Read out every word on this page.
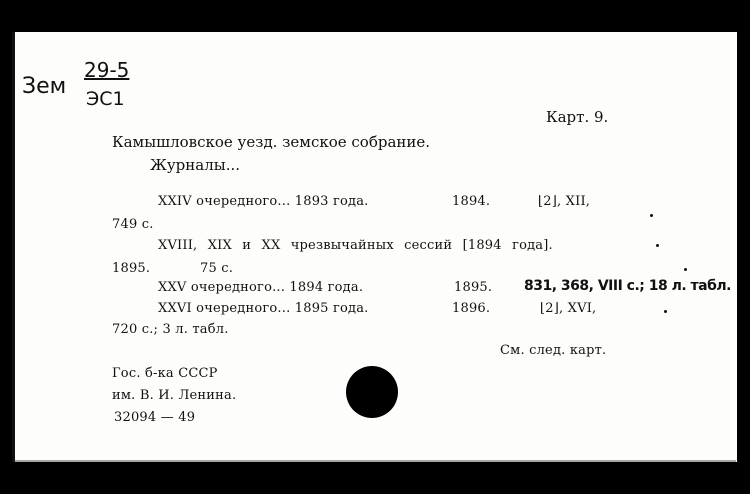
Зем
29-5
ЭС1
Карт. 9.
Камышловское уезд. земское собрание.
Журналы...
XXIV очередного... 1893 года.	1894.	⌊2⌋, XII,
749 с.
XVIII, XIX и XX чрезвычайных сессий [1894 года].
1895.	75 с.
XXV очередного... 1894 года.	1895. 831, 368, VIII с.; 18 л. табл.
XXVI очередного... 1895 года.	1896.	⌊2⌋, XVI,
720 с.; 3 л. табл.
См. след. карт.
Гос. б-ка СССР
им. В. И. Ленина.
32094 — 49
